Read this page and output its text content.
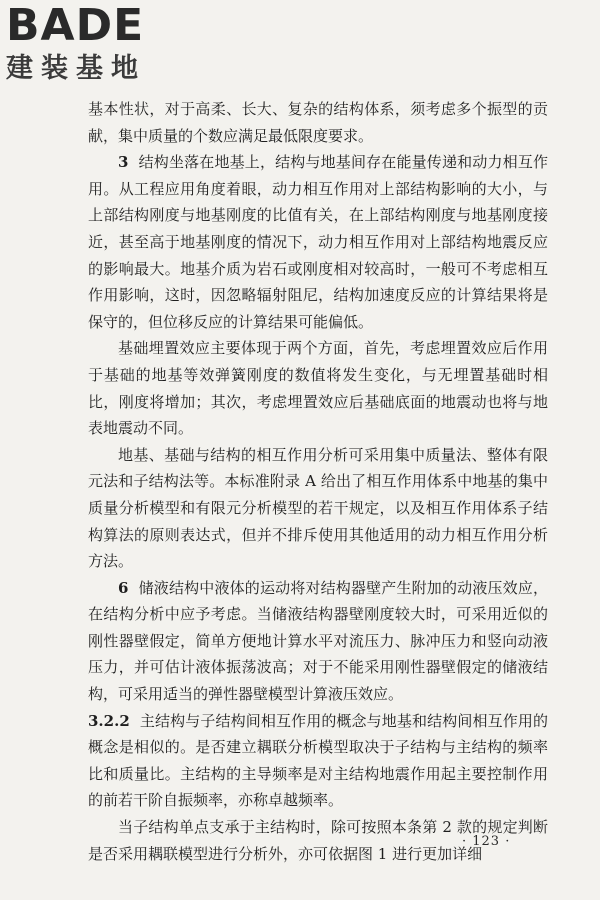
BADE
建装基地

基本性状，对于高柔、长大、复杂的结构体系，须考虑多个振型的贡献，集中质量的个数应满足最低限度要求。

3 结构坐落在地基上，结构与地基间存在能量传递和动力相互作用。从工程应用角度着眼，动力相互作用对上部结构影响的大小，与上部结构刚度与地基刚度的比值有关，在上部结构刚度与地基刚度接近，甚至高于地基刚度的情况下，动力相互作用对上部结构地震反应的影响最大。地基介质为岩石或刚度相对较高时，一般可不考虑相互作用影响，这时，因忽略辐射阻尼，结构加速度反应的计算结果将是保守的，但位移反应的计算结果可能偏低。

基础埋置效应主要体现于两个方面，首先，考虑埋置效应后作用于基础的地基等效弹簧刚度的数值将发生变化，与无埋置基础时相比，刚度将增加；其次，考虑埋置效应后基础底面的地震动也将与地表地震动不同。

地基、基础与结构的相互作用分析可采用集中质量法、整体有限元法和子结构法等。本标准附录 A 给出了相互作用体系中地基的集中质量分析模型和有限元分析模型的若干规定，以及相互作用体系子结构算法的原则表达式，但并不排斥使用其他适用的动力相互作用分析方法。

6 储液结构中液体的运动将对结构器壁产生附加的动液压效应，在结构分析中应予考虑。当储液结构器壁刚度较大时，可采用近似的刚性器壁假定，简单方便地计算水平对流压力、脉冲压力和竖向动液压力，并可估计液体振荡波高；对于不能采用刚性器壁假定的储液结构，可采用适当的弹性器壁模型计算液压效应。

3.2.2 主结构与子结构间相互作用的概念与地基和结构间相互作用的概念是相似的。是否建立耦联分析模型取决于子结构与主结构的频率比和质量比。主结构的主导频率是对主结构地震作用起主要控制作用的前若干阶自振频率，亦称卓越频率。

当子结构单点支承于主结构时，除可按照本条第 2 款的规定判断是否采用耦联模型进行分析外，亦可依据图 1 进行更加详细

· 123 ·
